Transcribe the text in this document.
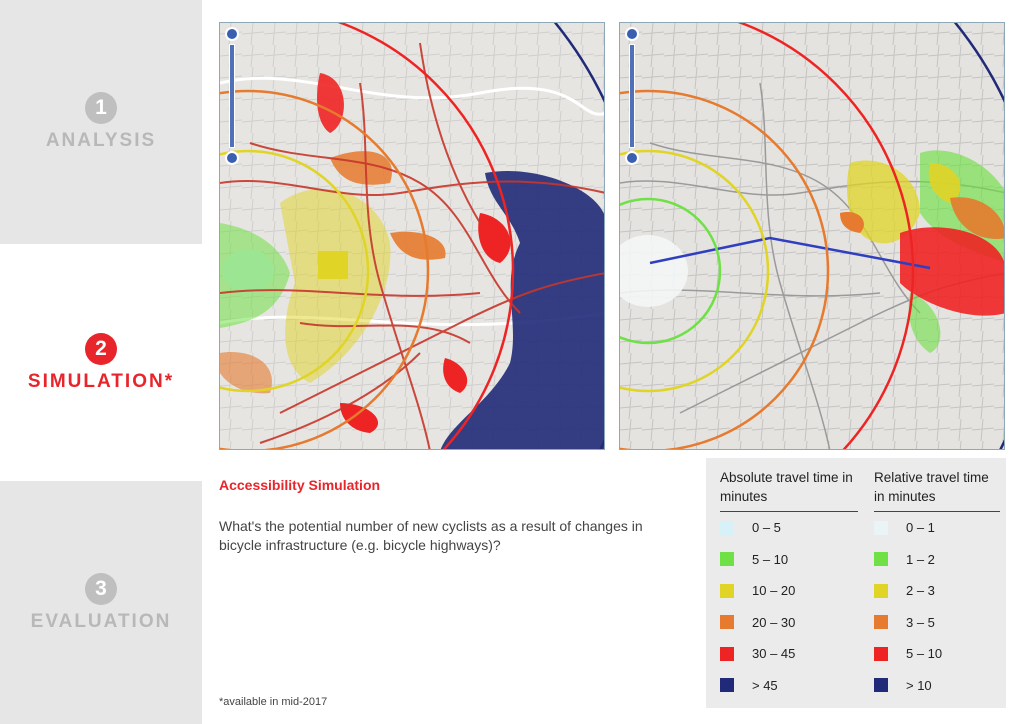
1
ANALYSIS
2
SIMULATION*
3
EVALUATION
Accessibility Simulation
What's the potential number of new cyclists as a result of changes in bicycle infrastructure (e.g. bicycle highways)?
*available in mid-2017
Absolute travel time in minutes
0 – 5
5 – 10
10 – 20
20 – 30
30 – 45
> 45
Relative travel time in minutes
0 – 1
1 – 2
2 – 3
3 – 5
5 – 10
> 10
